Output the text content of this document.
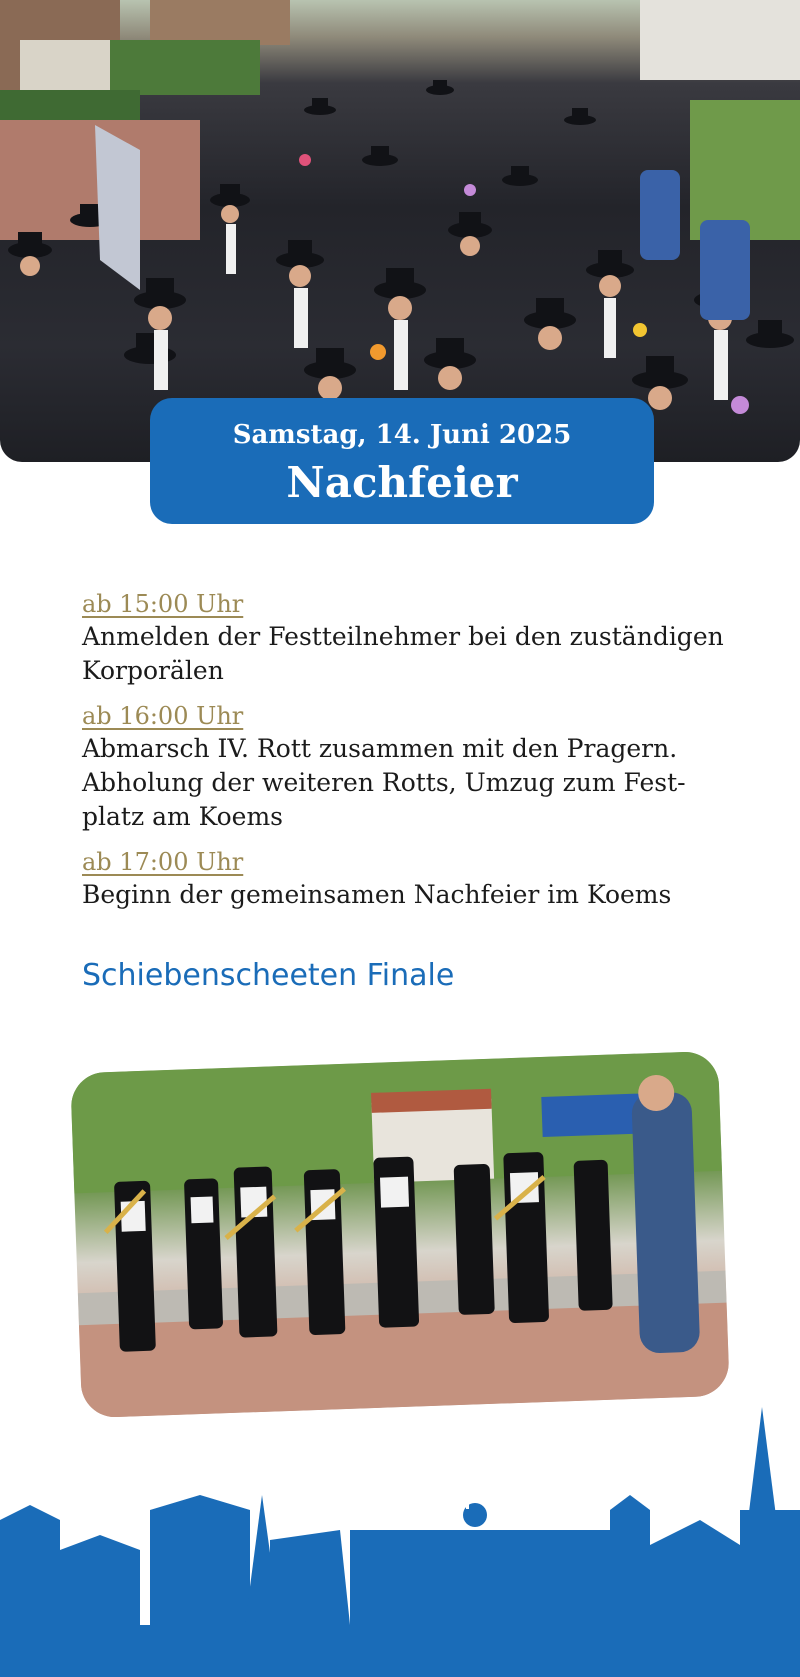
Samstag, 14. Juni 2025
Nachfeier
ab 15:00 Uhr
Anmelden der Festteilnehmer bei den zuständigen Korporälen
ab 16:00 Uhr
Abmarsch IV. Rott zusammen mit den Pragern. Abholung der weiteren Rotts, Umzug zum Fest-platz am Koems
ab 17:00 Uhr
Beginn der gemeinsamen Nachfeier im Koems
Schiebenscheeten Finale
